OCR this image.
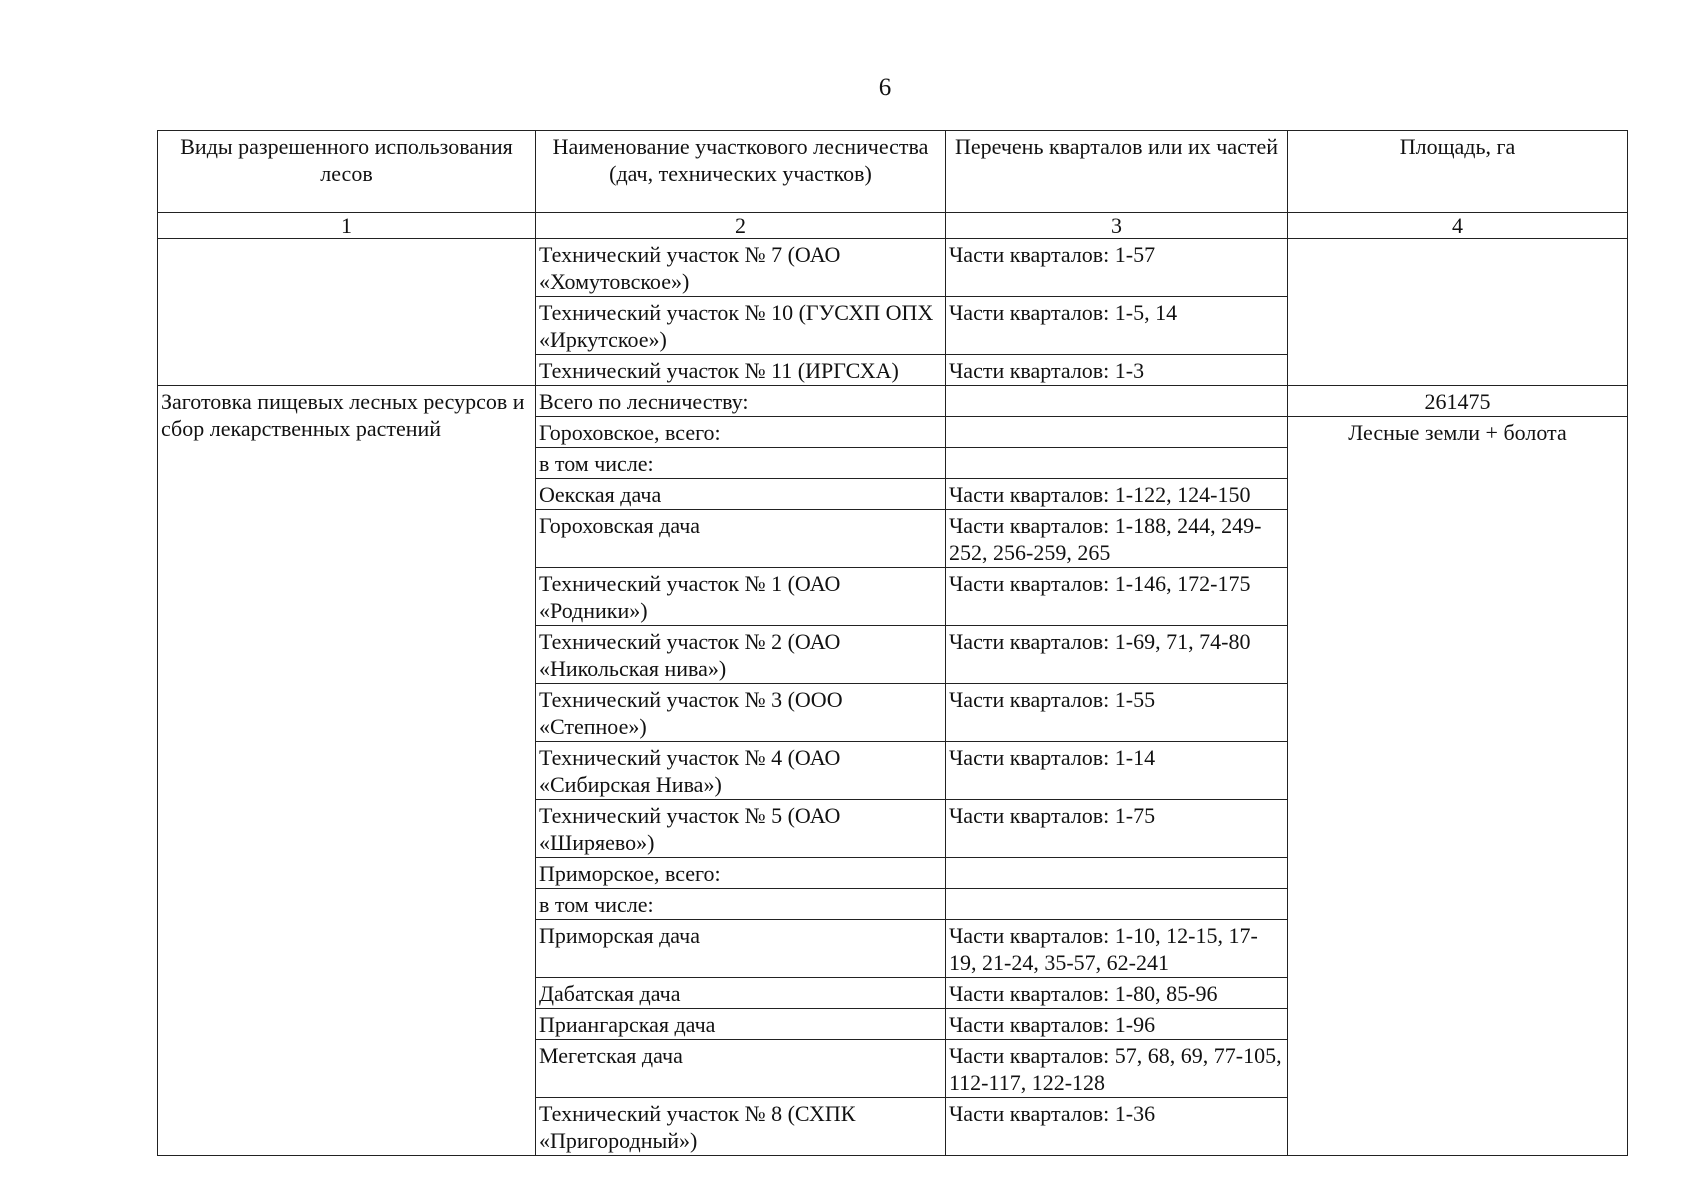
6
Виды разрешенного использования лесов	Наименование участкового лесничества (дач, технических участков)	Перечень кварталов или их частей	Площадь, га
1	2	3	4
	Технический участок № 7 (ОАО «Хомутовское»)	Части кварталов: 1-57	
	Технический участок № 10 (ГУСХП ОПХ «Иркутское»)	Части кварталов: 1-5, 14	
	Технический участок № 11 (ИРГСХА)	Части кварталов: 1-3	
Заготовка пищевых лесных ресурсов и сбор лекарственных растений	Всего по лесничеству:		261475
	Гороховское, всего:		Лесные земли + болота
	в том числе:		
	Оекская дача	Части кварталов: 1-122, 124-150	
	Гороховская дача	Части кварталов: 1-188, 244, 249-252, 256-259, 265	
	Технический участок № 1 (ОАО «Родники»)	Части кварталов: 1-146, 172-175	
	Технический участок № 2 (ОАО «Никольская нива»)	Части кварталов: 1-69, 71, 74-80	
	Технический участок № 3 (ООО «Степное»)	Части кварталов: 1-55	
	Технический участок № 4 (ОАО «Сибирская Нива»)	Части кварталов: 1-14	
	Технический участок № 5 (ОАО «Ширяево»)	Части кварталов: 1-75	
	Приморское, всего:		
	в том числе:		
	Приморская дача	Части кварталов: 1-10, 12-15, 17-19, 21-24, 35-57, 62-241	
	Дабатская дача	Части кварталов: 1-80, 85-96	
	Приангарская дача	Части кварталов: 1-96	
	Мегетская дача	Части кварталов: 57, 68, 69, 77-105, 112-117, 122-128	
	Технический участок № 8 (СХПК «Пригородный»)	Части кварталов: 1-36	
